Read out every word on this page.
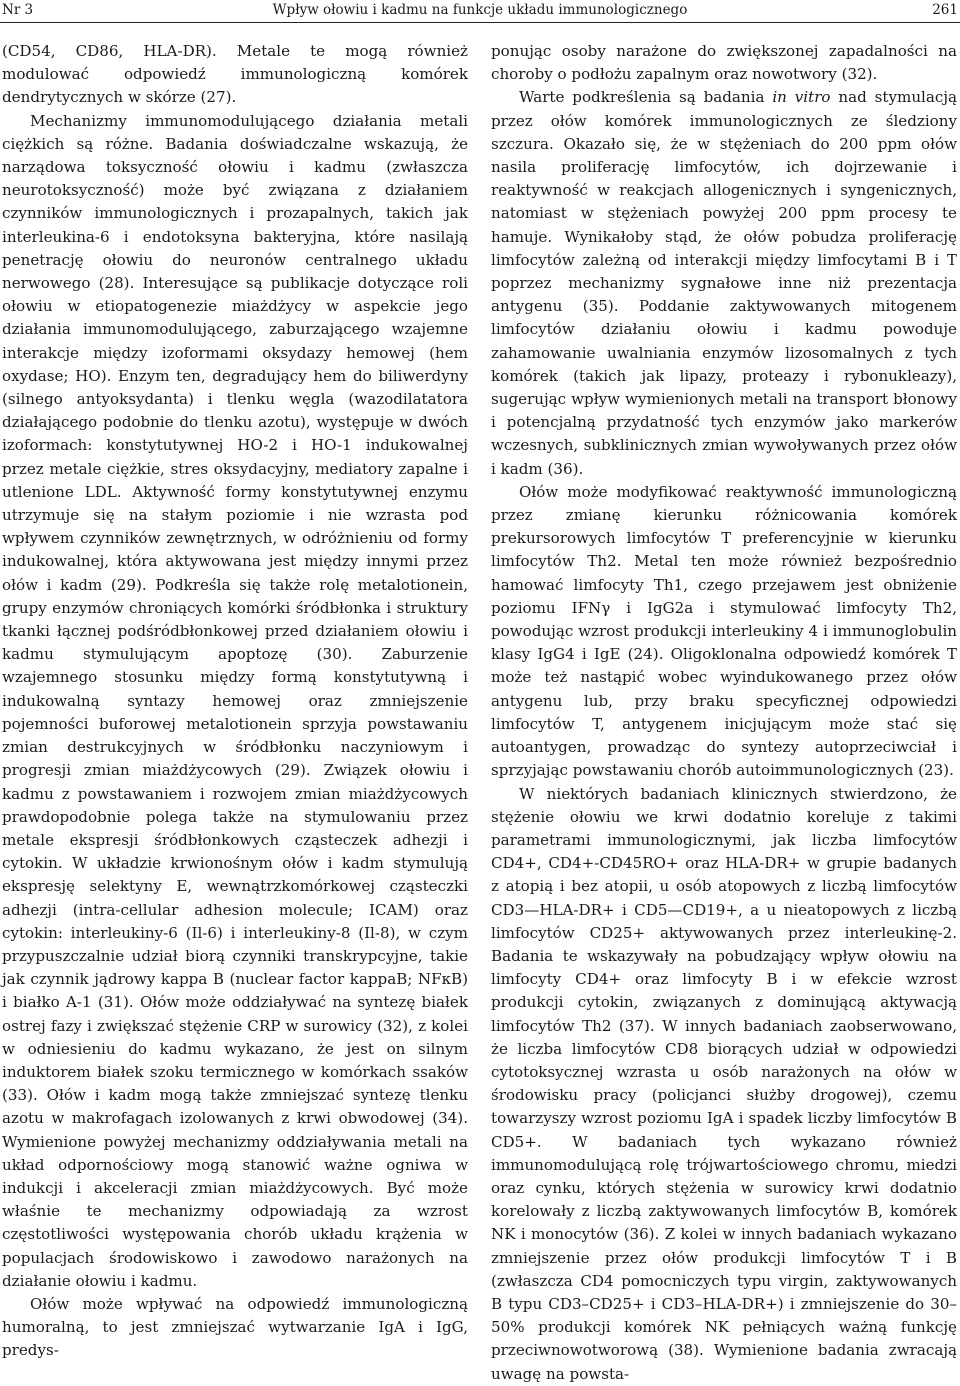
Nr 3	Wpływ ołowiu i kadmu na funkcje układu immunologicznego	261

(CD54, CD86, HLA-DR). Metale te mogą również modulować odpowiedź immunologiczną komórek dendrytycznych w skórze (27).

Mechanizmy immunomodulującego działania metali ciężkich są różne. Badania doświadczalne wskazują, że narządowa toksyczność ołowiu i kadmu (zwłaszcza neurotoksyczność) może być związana z działaniem czynników immunologicznych i prozapalnych, takich jak interleukina-6 i endotoksyna bakteryjna, które nasilają penetrację ołowiu do neuronów centralnego układu nerwowego (28). Interesujące są publikacje dotyczące roli ołowiu w etiopatogenezie miażdżycy w aspekcie jego działania immunomodulującego, zaburzającego wzajemne interakcje między izoformami oksydazy hemowej (hem oxydase; HO). Enzym ten, degradujący hem do biliwerdyny (silnego antyoksydanta) i tlenku węgla (wazodilatatora działającego podobnie do tlenku azotu), występuje w dwóch izoformach: konstytutywnej HO-2 i HO-1 indukowalnej przez metale ciężkie, stres oksydacyjny, mediatory zapalne i utlenione LDL. Aktywność formy konstytutywnej enzymu utrzymuje się na stałym poziomie i nie wzrasta pod wpływem czynników zewnętrznych, w odróżnieniu od formy indukowalnej, która aktywowana jest między innymi przez ołów i kadm (29). Podkreśla się także rolę metalotionein, grupy enzymów chroniących komórki śródbłonka i struktury tkanki łącznej podśródbłonkowej przed działaniem ołowiu i kadmu stymulującym apoptozę (30). Zaburzenie wzajemnego stosunku między formą konstytutywną i indukowalną syntazy hemowej oraz zmniejszenie pojemności buforowej metalotionein sprzyja powstawaniu zmian destrukcyjnych w śródbłonku naczyniowym i progresji zmian miażdżycowych (29). Związek ołowiu i kadmu z powstawaniem i rozwojem zmian miażdżycowych prawdopodobnie polega także na stymulowaniu przez metale ekspresji śródbłonkowych cząsteczek adhezji i cytokin. W układzie krwionośnym ołów i kadm stymulują ekspresję selektyny E, wewnątrzkomórkowej cząsteczki adhezji (intra-cellular adhesion molecule; ICAM) oraz cytokin: interleukiny-6 (Il-6) i interleukiny-8 (Il-8), w czym przypuszczalnie udział biorą czynniki transkrypcyjne, takie jak czynnik jądrowy kappa B (nuclear factor kappaB; NFκB) i białko A-1 (31). Ołów może oddziaływać na syntezę białek ostrej fazy i zwiększać stężenie CRP w surowicy (32), z kolei w odniesieniu do kadmu wykazano, że jest on silnym induktorem białek szoku termicznego w komórkach ssaków (33). Ołów i kadm mogą także zmniejszać syntezę tlenku azotu w makrofagach izolowanych z krwi obwodowej (34). Wymienione powyżej mechanizmy oddziaływania metali na układ odpornościowy mogą stanowić ważne ogniwa w indukcji i akceleracji zmian miażdżycowych. Być może właśnie te mechanizmy odpowiadają za wzrost częstotliwości występowania chorób układu krążenia w populacjach środowiskowo i zawodowo narażonych na działanie ołowiu i kadmu.

Ołów może wpływać na odpowiedź immunologiczną humoralną, to jest zmniejszać wytwarzanie IgA i IgG, predys-

ponując osoby narażone do zwiększonej zapadalności na choroby o podłożu zapalnym oraz nowotwory (32).

Warte podkreślenia są badania in vitro nad stymulacją przez ołów komórek immunologicznych ze śledziony szczura. Okazało się, że w stężeniach do 200 ppm ołów nasila proliferację limfocytów, ich dojrzewanie i reaktywność w reakcjach allogenicznych i syngenicznych, natomiast w stężeniach powyżej 200 ppm procesy te hamuje. Wynikałoby stąd, że ołów pobudza proliferację limfocytów zależną od interakcji między limfocytami B i T poprzez mechanizmy sygnałowe inne niż prezentacja antygenu (35). Poddanie zaktywowanych mitogenem limfocytów działaniu ołowiu i kadmu powoduje zahamowanie uwalniania enzymów lizosomalnych z tych komórek (takich jak lipazy, proteazy i rybonukleazy), sugerując wpływ wymienionych metali na transport błonowy i potencjalną przydatność tych enzymów jako markerów wczesnych, subklinicznych zmian wywoływanych przez ołów i kadm (36).

Ołów może modyfikować reaktywność immunologiczną przez zmianę kierunku różnicowania komórek prekursorowych limfocytów T preferencyjnie w kierunku limfocytów Th2. Metal ten może również bezpośrednio hamować limfocyty Th1, czego przejawem jest obniżenie poziomu IFNγ i IgG2a i stymulować limfocyty Th2, powodując wzrost produkcji interleukiny 4 i immunoglobulin klasy IgG4 i IgE (24). Oligoklonalna odpowiedź komórek T może też nastąpić wobec wyindukowanego przez ołów antygenu lub, przy braku specyficznej odpowiedzi limfocytów T, antygenem inicjującym może stać się autoantygen, prowadząc do syntezy autoprzeciwciał i sprzyjając powstawaniu chorób autoimmunologicznych (23).

W niektórych badaniach klinicznych stwierdzono, że stężenie ołowiu we krwi dodatnio koreluje z takimi parametrami immunologicznymi, jak liczba limfocytów CD4+, CD4+-CD45RO+ oraz HLA-DR+ w grupie badanych z atopią i bez atopii, u osób atopowych z liczbą limfocytów CD3—HLA-DR+ i CD5—CD19+, a u nieatopowych z liczbą limfocytów CD25+ aktywowanych przez interleukinę-2. Badania te wskazywały na pobudzający wpływ ołowiu na limfocyty CD4+ oraz limfocyty B i w efekcie wzrost produkcji cytokin, związanych z dominującą aktywacją limfocytów Th2 (37). W innych badaniach zaobserwowano, że liczba limfocytów CD8 biorących udział w odpowiedzi cytotoksycznej wzrasta u osób narażonych na ołów w środowisku pracy (policjanci służby drogowej), czemu towarzyszy wzrost poziomu IgA i spadek liczby limfocytów B CD5+. W badaniach tych wykazano również immunomodulującą rolę trójwartościowego chromu, miedzi oraz cynku, których stężenia w surowicy krwi dodatnio korelowały z liczbą zaktywowanych limfocytów B, komórek NK i monocytów (36). Z kolei w innych badaniach wykazano zmniejszenie przez ołów produkcji limfocytów T i B (zwłaszcza CD4 pomocniczych typu virgin, zaktywowanych B typu CD3–CD25+ i CD3–HLA-DR+) i zmniejszenie do 30–50% produkcji komórek NK pełniących ważną funkcję przeciwnowotworową (38). Wymienione badania zwracają uwagę na powsta-
